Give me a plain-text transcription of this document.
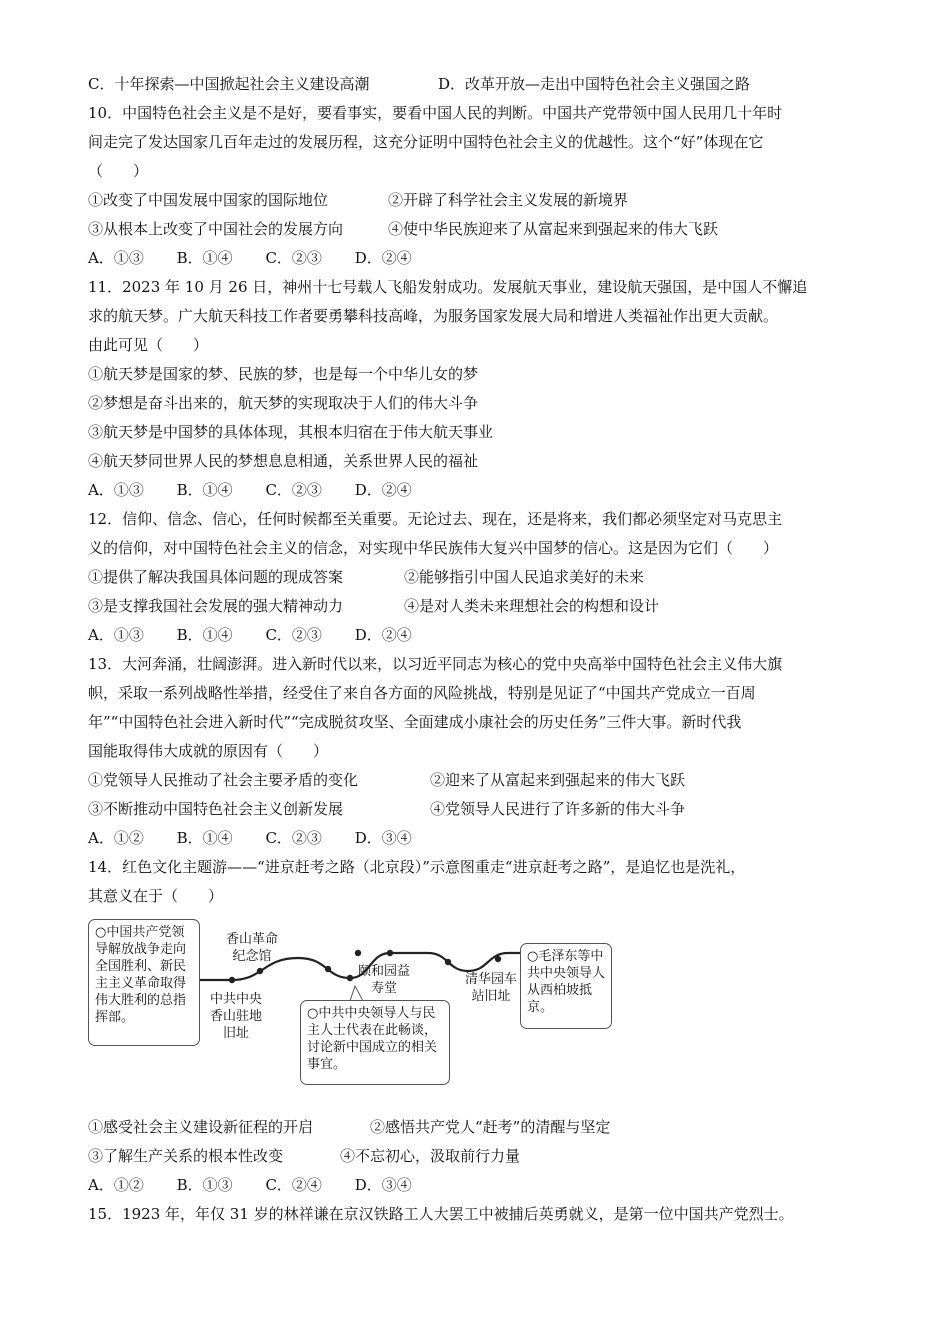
C．十年探索—中国掀起社会主义建设高潮	D．改革开放—走出中国特色社会主义强国之路
10．中国特色社会主义是不是好，要看事实，要看中国人民的判断。中国共产党带领中国人民用几十年时
间走完了发达国家几百年走过的发展历程，这充分证明中国特色社会主义的优越性。这个“好”体现在它
（　　）
①改变了中国发展中国家的国际地位	②开辟了科学社会主义发展的新境界
③从根本上改变了中国社会的发展方向	④使中华民族迎来了从富起来到强起来的伟大飞跃
A．①③ B．①④ C．②③ D．②④
11．2023 年 10 月 26 日，神州十七号载人飞船发射成功。发展航天事业，建设航天强国，是中国人不懈追
求的航天梦。广大航天科技工作者要勇攀科技高峰，为服务国家发展大局和增进人类福祉作出更大贡献。
由此可见（　　）
①航天梦是国家的梦、民族的梦，也是每一个中华儿女的梦
②梦想是奋斗出来的，航天梦的实现取决于人们的伟大斗争
③航天梦是中国梦的具体体现，其根本归宿在于伟大航天事业
④航天梦同世界人民的梦想息息相通，关系世界人民的福祉
A．①③ B．①④ C．②③ D．②④
12．信仰、信念、信心，任何时候都至关重要。无论过去、现在，还是将来，我们都必须坚定对马克思主
义的信仰，对中国特色社会主义的信念，对实现中华民族伟大复兴中国梦的信心。这是因为它们（　　）
①提供了解决我国具体问题的现成答案	②能够指引中国人民追求美好的未来
③是支撑我国社会发展的强大精神动力	④是对人类未来理想社会的构想和设计
A．①③ B．①④ C．②③ D．②④
13．大河奔涌，壮阔澎湃。进入新时代以来，以习近平同志为核心的党中央高举中国特色社会主义伟大旗
帜，采取一系列战略性举措，经受住了来自各方面的风险挑战，特别是见证了“中国共产党成立一百周
年”“中国特色社会进入新时代”“完成脱贫攻坚、全面建成小康社会的历史任务”三件大事。新时代我
国能取得伟大成就的原因有（　　）
①党领导人民推动了社会主要矛盾的变化	②迎来了从富起来到强起来的伟大飞跃
③不断推动中国特色社会主义创新发展	④党领导人民进行了许多新的伟大斗争
A．①② B．①④ C．②③ D．③④
14．红色文化主题游——“进京赶考之路（北京段）”示意图重走“进京赶考之路”，是追忆也是洗礼，
其意义在于（　　）
○中国共产党领导解放战争走向全国胜利、新民主主义革命取得伟大胜利的总指挥部。
香山革命纪念馆
中共中央香山驻地旧址
颐和园益寿堂
○中共中央领导人与民主人士代表在此畅谈，讨论新中国成立的相关事宜。
清华园车站旧址
○毛泽东等中共中央领导人从西柏坡抵京。
①感受社会主义建设新征程的开启	②感悟共产党人“赶考”的清醒与坚定
③了解生产关系的根本性改变	④不忘初心，汲取前行力量
A．①② B．①③ C．②④ D．③④
15．1923 年，年仅 31 岁的林祥谦在京汉铁路工人大罢工中被捕后英勇就义，是第一位中国共产党烈士。
